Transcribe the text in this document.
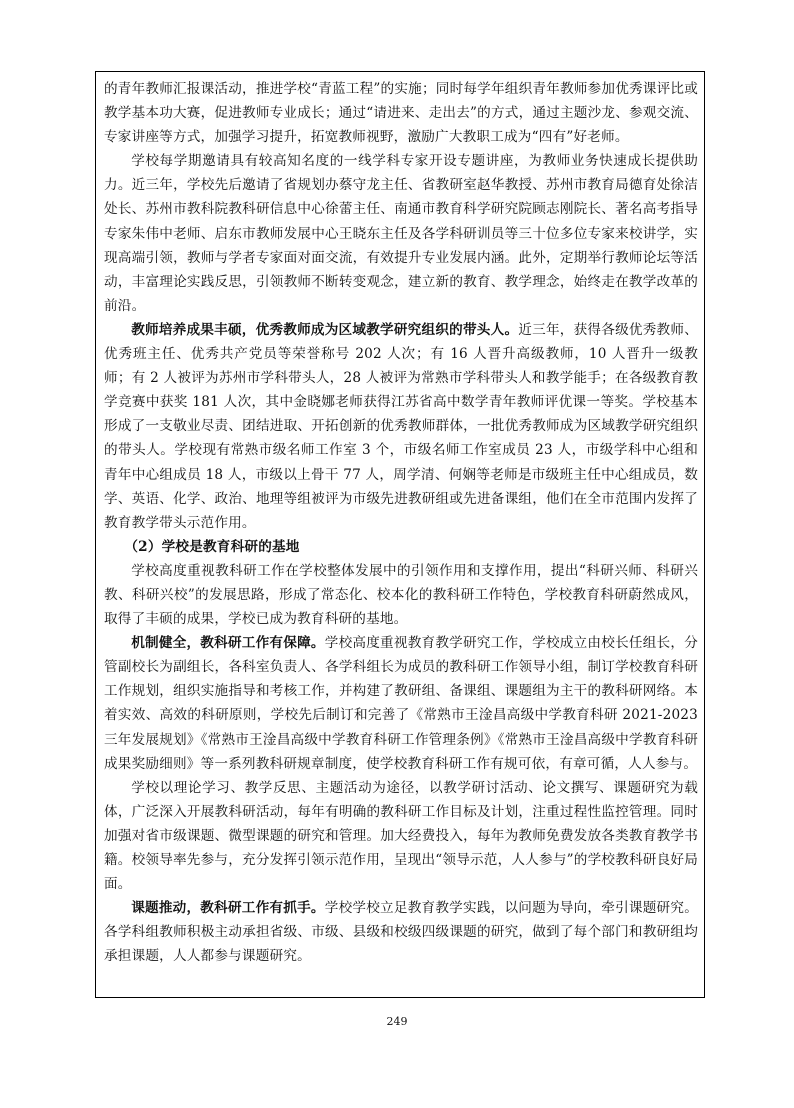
的青年教师汇报课活动，推进学校“青蓝工程”的实施；同时每学年组织青年教师参加优秀课评比或教学基本功大赛，促进教师专业成长；通过“请进来、走出去”的方式，通过主题沙龙、参观交流、专家讲座等方式，加强学习提升，拓宽教师视野，激励广大教职工成为“四有”好老师。

学校每学期邀请具有较高知名度的一线学科专家开设专题讲座，为教师业务快速成长提供助力。近三年，学校先后邀请了省规划办蔡守龙主任、省教研室赵华教授、苏州市教育局德育处徐洁处长、苏州市教科院教科研信息中心徐蕾主任、南通市教育科学研究院顾志刚院长、著名高考指导专家朱伟中老师、启东市教师发展中心王晓东主任及各学科研训员等三十位多位专家来校讲学，实现高端引领，教师与学者专家面对面交流，有效提升专业发展内涵。此外，定期举行教师论坛等活动，丰富理论实践反思，引领教师不断转变观念，建立新的教育、教学理念，始终走在教学改革的前沿。

教师培养成果丰硕，优秀教师成为区域教学研究组织的带头人。近三年，获得各级优秀教师、优秀班主任、优秀共产党员等荣誉称号 202 人次；有 16 人晋升高级教师，10 人晋升一级教师；有 2 人被评为苏州市学科带头人，28 人被评为常熟市学科带头人和教学能手；在各级教育教学竞赛中获奖 181 人次，其中金晓娜老师获得江苏省高中数学青年教师评优课一等奖。学校基本形成了一支敬业尽责、团结进取、开拓创新的优秀教师群体，一批优秀教师成为区域教学研究组织的带头人。学校现有常熟市级名师工作室 3 个，市级名师工作室成员 23 人，市级学科中心组和青年中心组成员 18 人，市级以上骨干 77 人，周学清、何娴等老师是市级班主任中心组成员，数学、英语、化学、政治、地理等组被评为市级先进教研组或先进备课组，他们在全市范围内发挥了教育教学带头示范作用。

（2）学校是教育科研的基地

学校高度重视教科研工作在学校整体发展中的引领作用和支撑作用，提出“科研兴师、科研兴教、科研兴校”的发展思路，形成了常态化、校本化的教科研工作特色，学校教育科研蔚然成风，取得了丰硕的成果，学校已成为教育科研的基地。

机制健全，教科研工作有保障。学校高度重视教育教学研究工作，学校成立由校长任组长，分管副校长为副组长，各科室负责人、各学科组长为成员的教科研工作领导小组，制订学校教育科研工作规划，组织实施指导和考核工作，并构建了教研组、备课组、课题组为主干的教科研网络。本着实效、高效的科研原则，学校先后制订和完善了《常熟市王淦昌高级中学教育科研 2021-2023 三年发展规划》《常熟市王淦昌高级中学教育科研工作管理条例》《常熟市王淦昌高级中学教育科研成果奖励细则》等一系列教科研规章制度，使学校教育科研工作有规可依，有章可循，人人参与。

学校以理论学习、教学反思、主题活动为途径，以教学研讨活动、论文撰写、课题研究为载体，广泛深入开展教科研活动，每年有明确的教科研工作目标及计划，注重过程性监控管理。同时加强对省市级课题、微型课题的研究和管理。加大经费投入，每年为教师免费发放各类教育教学书籍。校领导率先参与，充分发挥引领示范作用，呈现出“领导示范，人人参与”的学校教科研良好局面。

课题推动，教科研工作有抓手。学校学校立足教育教学实践，以问题为导向，牵引课题研究。各学科组教师积极主动承担省级、市级、县级和校级四级课题的研究，做到了每个部门和教研组均承担课题，人人都参与课题研究。

249
